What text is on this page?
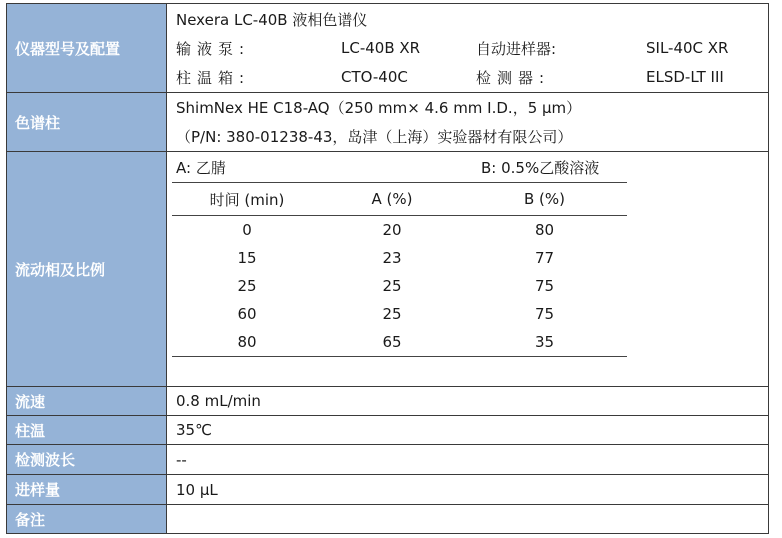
仪器型号及配置	
Nexera LC-40B 液相色谱仪
输液泵:	LC-40B XR	自动进样器:	SIL-40C XR
柱温箱:	CTO-40C	检测器:	ELSD-LT III

色谱柱	
ShimNex HE C18-AQ（250 mm× 4.6 mm I.D.，5 μm）
（P/N: 380-01238-43，岛津（上海）实验器材有限公司）

流动相及比例	
A: 乙腈	B: 0.5%乙酸溶液
时间 (min)	A (%)	B (%)
0	20	80
15	23	77
25	25	75
60	25	75
80	65	35

流速	0.8 mL/min
柱温	35℃
检测波长	--
进样量	10 μL
备注	
